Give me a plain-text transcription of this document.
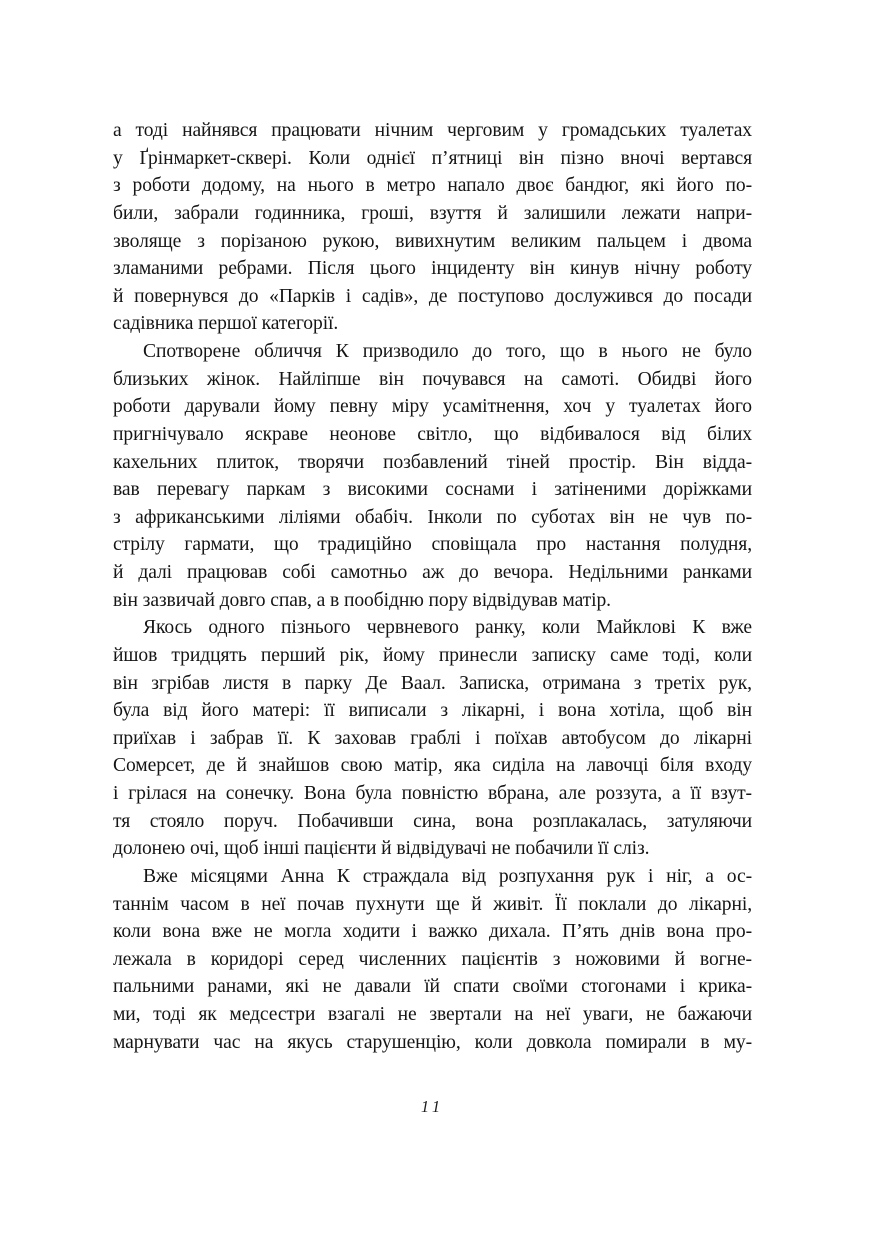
а тоді найнявся працювати нічним черговим у громадських туалетах
у Ґрінмаркет-сквері. Коли однієї п’ятниці він пізно вночі вертався
з роботи додому, на нього в метро напало двоє бандюг, які його по-
били, забрали годинника, гроші, взуття й залишили лежати напри-
зволяще з порізаною рукою, вивихнутим великим пальцем і двома
зламаними ребрами. Після цього інциденту він кинув нічну роботу
й повернувся до «Парків і садів», де поступово дослужився до посади
садівника першої категорії.

Спотворене обличчя К призводило до того, що в нього не було
близьких жінок. Найліпше він почувався на самоті. Обидві його
роботи дарували йому певну міру усамітнення, хоч у туалетах його
пригнічувало яскраве неонове світло, що відбивалося від білих
кахельних плиток, творячи позбавлений тіней простір. Він відда-
вав перевагу паркам з високими соснами і затіненими доріжками
з африканськими ліліями обабіч. Інколи по суботах він не чув по-
стрілу гармати, що традиційно сповіщала про настання полудня,
й далі працював собі самотньо аж до вечора. Недільними ранками
він зазвичай довго спав, а в пообідню пору відвідував матір.

Якось одного пізнього червневого ранку, коли Майклові К вже
йшов тридцять перший рік, йому принесли записку саме тоді, коли
він згрібав листя в парку Де Ваал. Записка, отримана з третіх рук,
була від його матері: її виписали з лікарні, і вона хотіла, щоб він
приїхав і забрав її. К заховав граблі і поїхав автобусом до лікарні
Сомерсет, де й знайшов свою матір, яка сиділа на лавочці біля входу
і грілася на сонечку. Вона була повністю вбрана, але роззута, а її взут-
тя стояло поруч. Побачивши сина, вона розплакалась, затуляючи
долонею очі, щоб інші пацієнти й відвідувачі не побачили її сліз.

Вже місяцями Анна К страждала від розпухання рук і ніг, а ос-
таннім часом в неї почав пухнути ще й живіт. Її поклали до лікарні,
коли вона вже не могла ходити і важко дихала. П’ять днів вона про-
лежала в коридорі серед численних пацієнтів з ножовими й вогне-
пальними ранами, які не давали їй спати своїми стогонами і крика-
ми, тоді як медсестри взагалі не звертали на неї уваги, не бажаючи
марнувати час на якусь старушенцію, коли довкола помирали в му-

11
